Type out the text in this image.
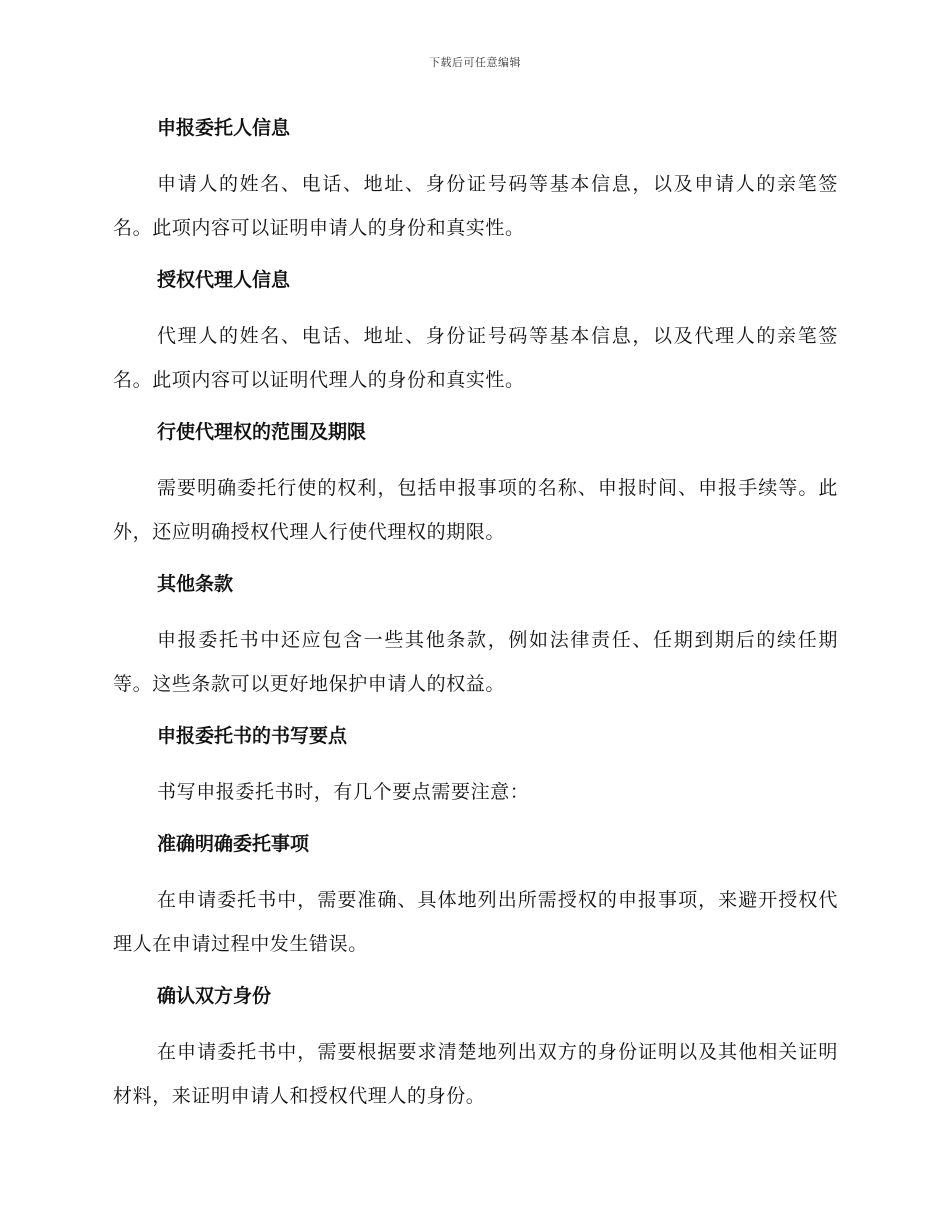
下载后可任意编辑

申报委托人信息

申请人的姓名、电话、地址、身份证号码等基本信息，以及申请人的亲笔签名。此项内容可以证明申请人的身份和真实性。

授权代理人信息

代理人的姓名、电话、地址、身份证号码等基本信息，以及代理人的亲笔签名。此项内容可以证明代理人的身份和真实性。

行使代理权的范围及期限

需要明确委托行使的权利，包括申报事项的名称、申报时间、申报手续等。此外，还应明确授权代理人行使代理权的期限。

其他条款

申报委托书中还应包含一些其他条款，例如法律责任、任期到期后的续任期等。这些条款可以更好地保护申请人的权益。

申报委托书的书写要点

书写申报委托书时，有几个要点需要注意：

准确明确委托事项

在申请委托书中，需要准确、具体地列出所需授权的申报事项，来避开授权代理人在申请过程中发生错误。

确认双方身份

在申请委托书中，需要根据要求清楚地列出双方的身份证明以及其他相关证明材料，来证明申请人和授权代理人的身份。
